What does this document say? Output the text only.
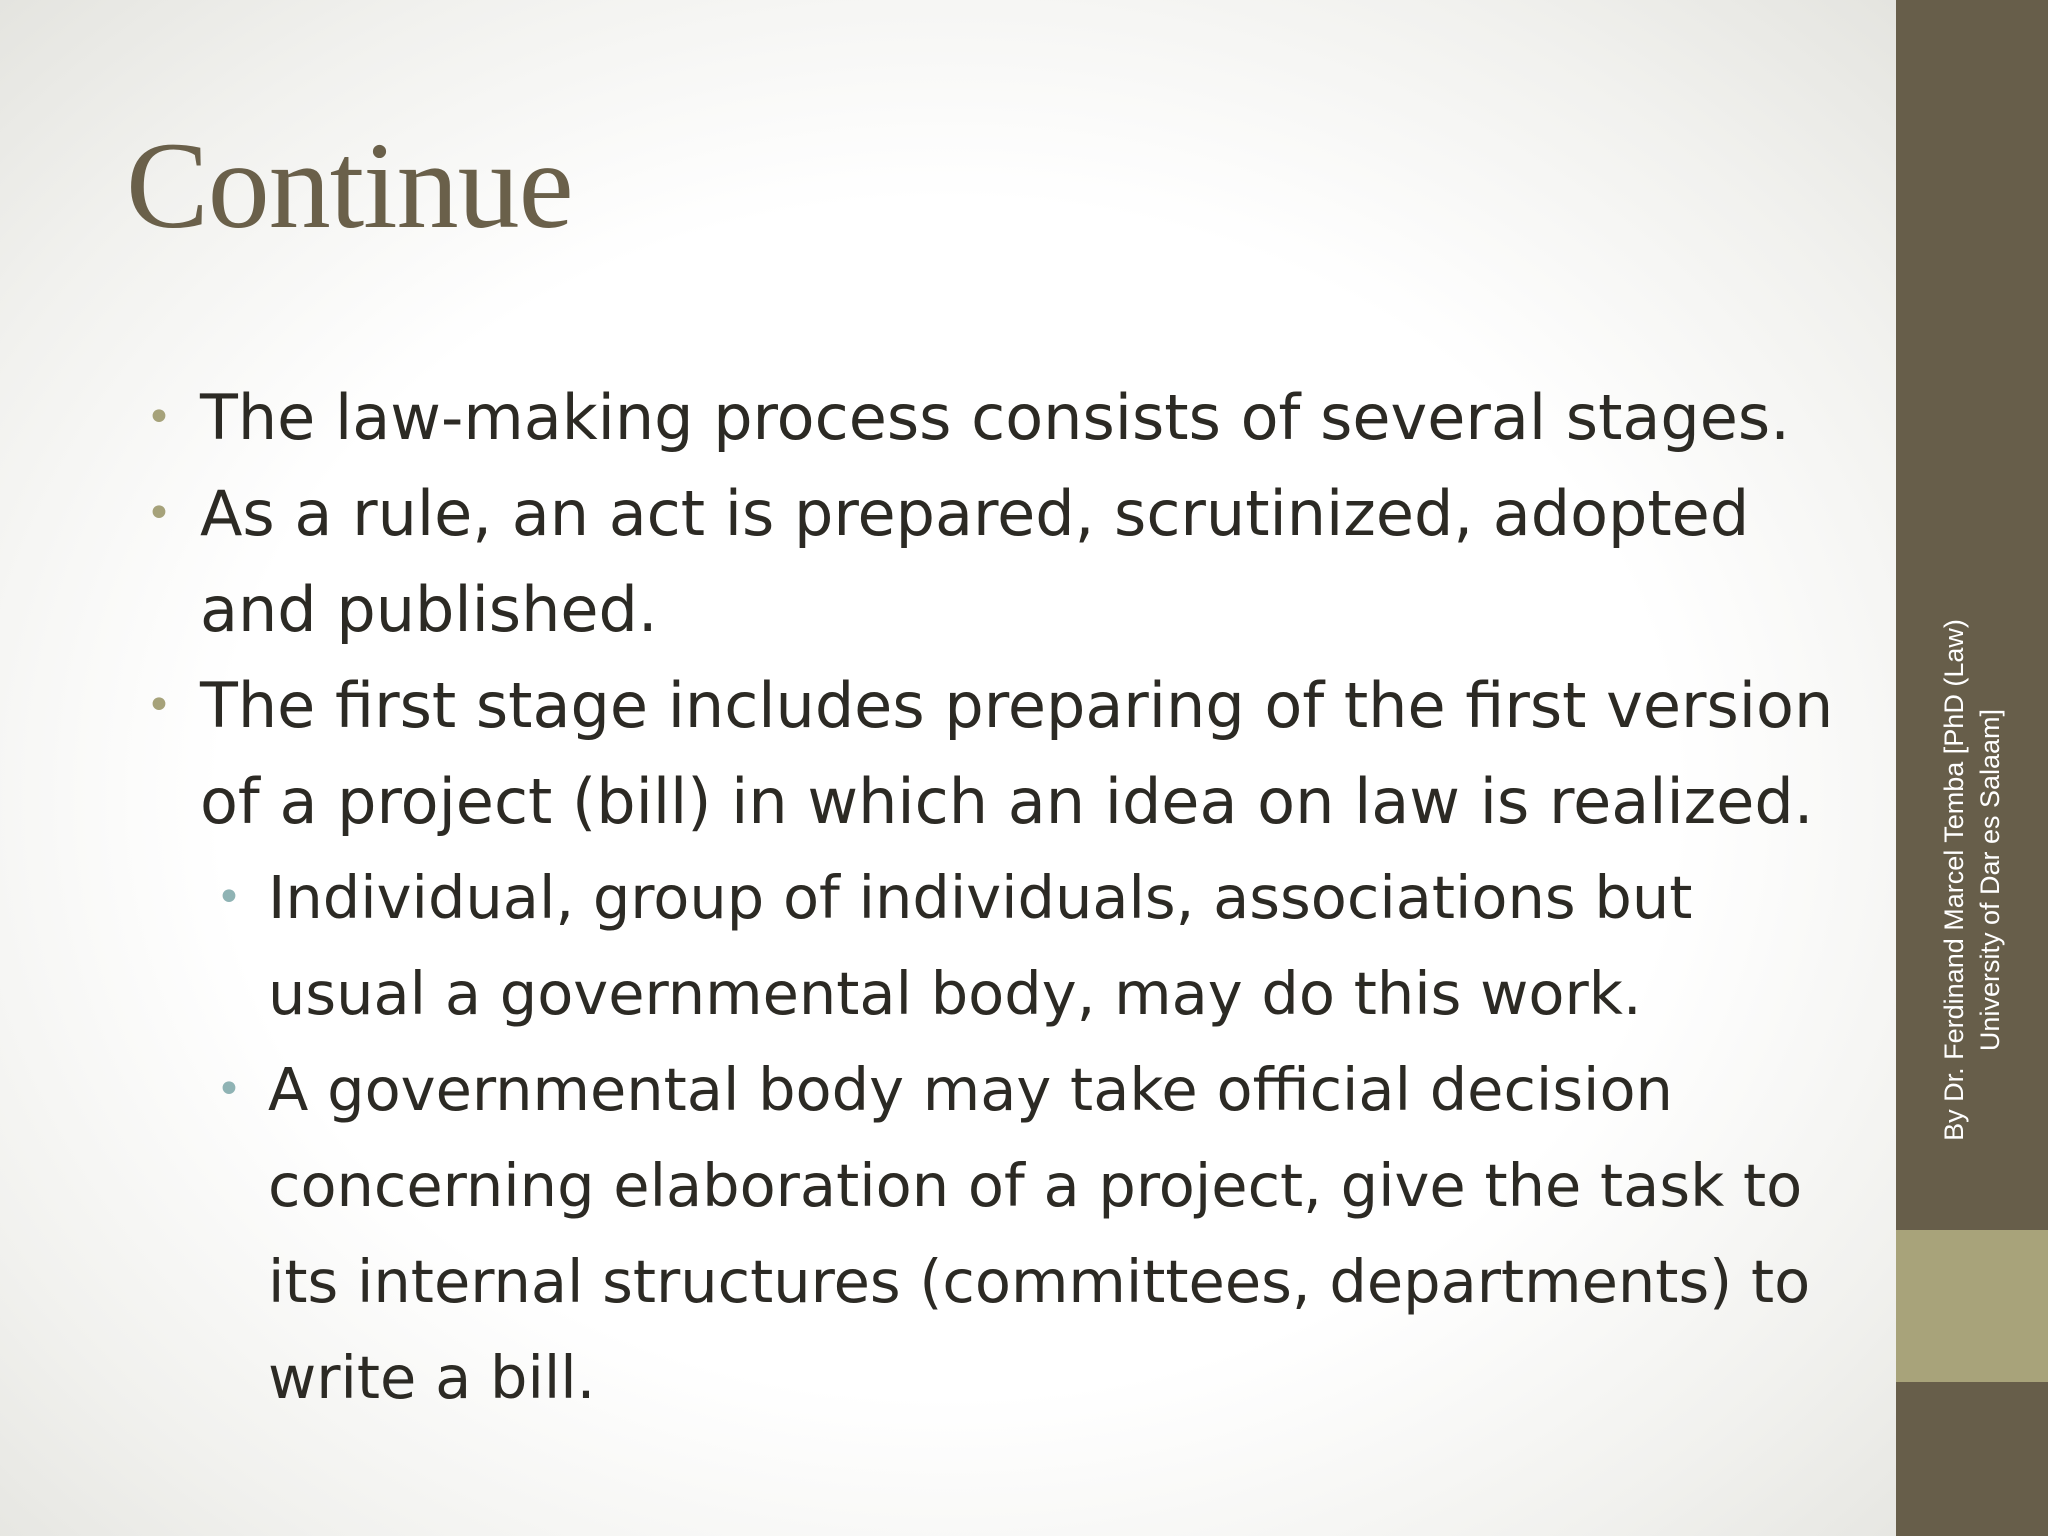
Continue
• The law-making process consists of several stages.
• As a rule, an act is prepared, scrutinized, adopted and published.
• The first stage includes preparing of the first version of a project (bill) in which an idea on law is realized.
• Individual, group of individuals, associations but usual a governmental body, may do this work.
• A governmental body may take official decision concerning elaboration of a project, give the task to its internal structures (committees, departments) to write a bill.
By Dr. Ferdinand Marcel Temba [PhD (Law) University of Dar es Salaam]
